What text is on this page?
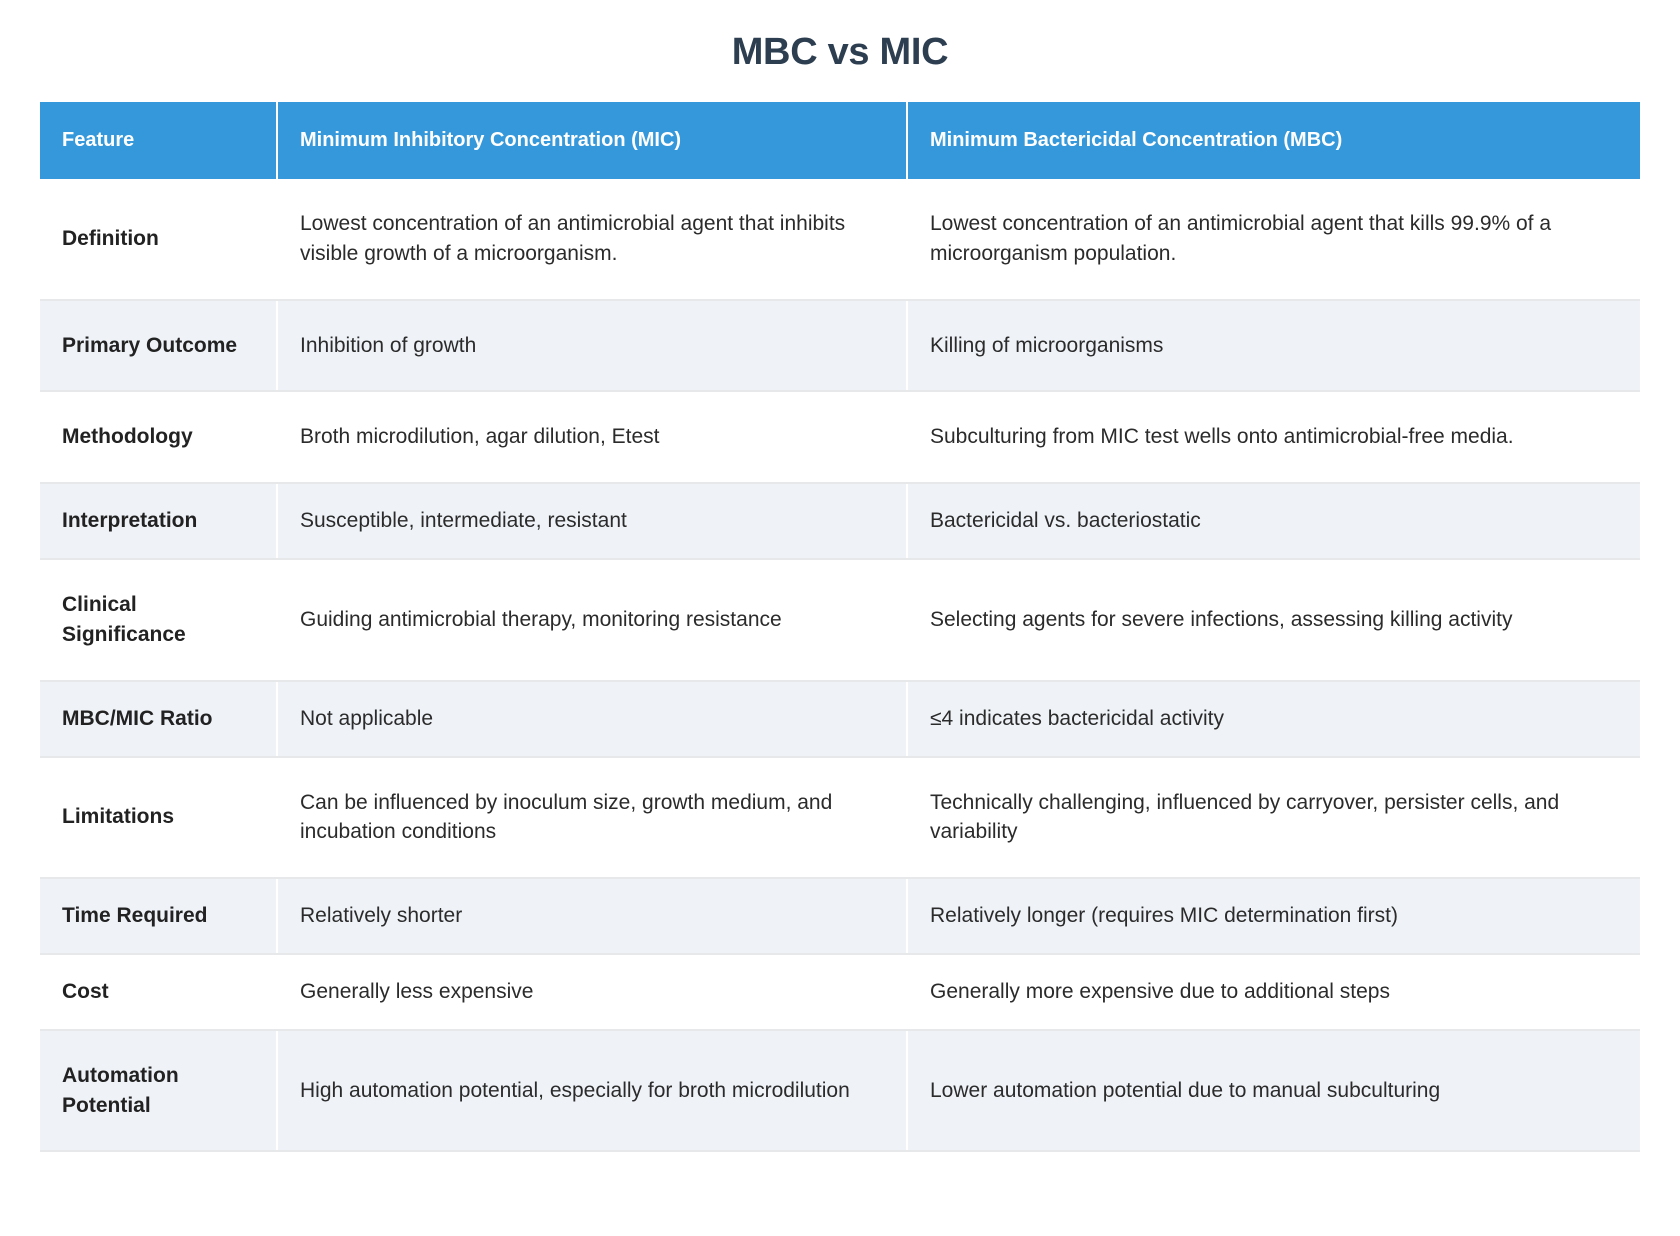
MBC vs MIC
Feature	Minimum Inhibitory Concentration (MIC)	Minimum Bactericidal Concentration (MBC)
Definition	Lowest concentration of an antimicrobial agent that inhibits visible growth of a microorganism.	Lowest concentration of an antimicrobial agent that kills 99.9% of a microorganism population.
Primary Outcome	Inhibition of growth	Killing of microorganisms
Methodology	Broth microdilution, agar dilution, Etest	Subculturing from MIC test wells onto antimicrobial-free media.
Interpretation	Susceptible, intermediate, resistant	Bactericidal vs. bacteriostatic
Clinical Significance	Guiding antimicrobial therapy, monitoring resistance	Selecting agents for severe infections, assessing killing activity
MBC/MIC Ratio	Not applicable	≤4 indicates bactericidal activity
Limitations	Can be influenced by inoculum size, growth medium, and incubation conditions	Technically challenging, influenced by carryover, persister cells, and variability
Time Required	Relatively shorter	Relatively longer (requires MIC determination first)
Cost	Generally less expensive	Generally more expensive due to additional steps
Automation Potential	High automation potential, especially for broth microdilution	Lower automation potential due to manual subculturing
